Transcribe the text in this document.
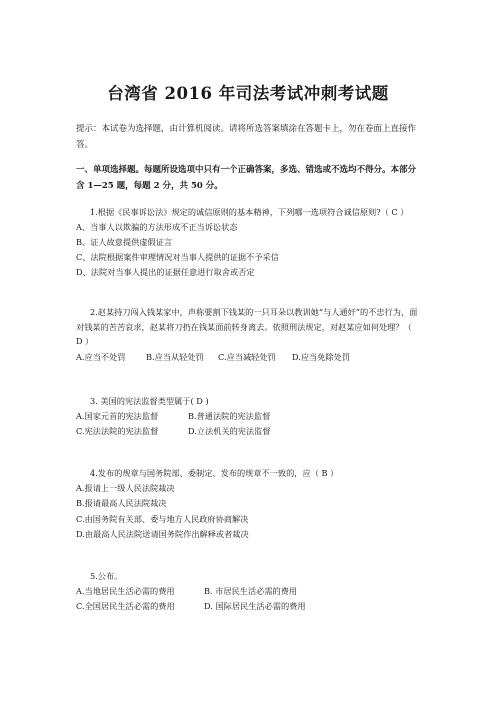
台湾省 2016 年司法考试冲刺考试题
提示：本试卷为选择题，由计算机阅读。请将所选答案填涂在答题卡上，勿在卷面上直接作答。
一、单项选择题。每题所设选项中只有一个正确答案，多选、错选或不选均不得分。本部分含 1—25 题，每题 2 分，共 50 分。
1.根据《民事诉讼法》规定的诚信原则的基本精神，下列哪一选项符合诚信原则?（ C ）
A、当事人以欺骗的方法形成不正当诉讼状态
B、证人故意提供虚假证言
C、法院根据案件审理情况对当事人提供的证据不予采信
D、法院对当事人提出的证据任意进行取舍或否定
2.赵某持刀闯入钱某家中，声称要割下钱某的一只耳朵以教训她“与人通奸”的不忠行为，面对钱某的苦苦哀求，赵某将刀扔在钱某面前转身离去。依照刑法规定，对赵某应如何处理？（ D ）
A.应当不处罚	B.应当从轻处罚 C.应当减轻处罚 D.应当免除处罚
3. 美国的宪法监督类型属于( D )
A.国家元首的宪法监督	B.普通法院的宪法监督
C.宪法法院的宪法监督	D.立法机关的宪法监督
4.发布的规章与国务院部、委制定、发布的规章不一致的，应（ B ）
A.报请上一级人民法院裁决
B.报请最高人民法院裁决
C.由国务院有关部、委与地方人民政府协商解决
D.由最高人民法院送请国务院作出解释或者裁决
5.公布。
A.当地居民生活必需的费用	B. 市居民生活必需的费用
C.全国居民生活必需的费用	D. 国际居民生活必需的费用
